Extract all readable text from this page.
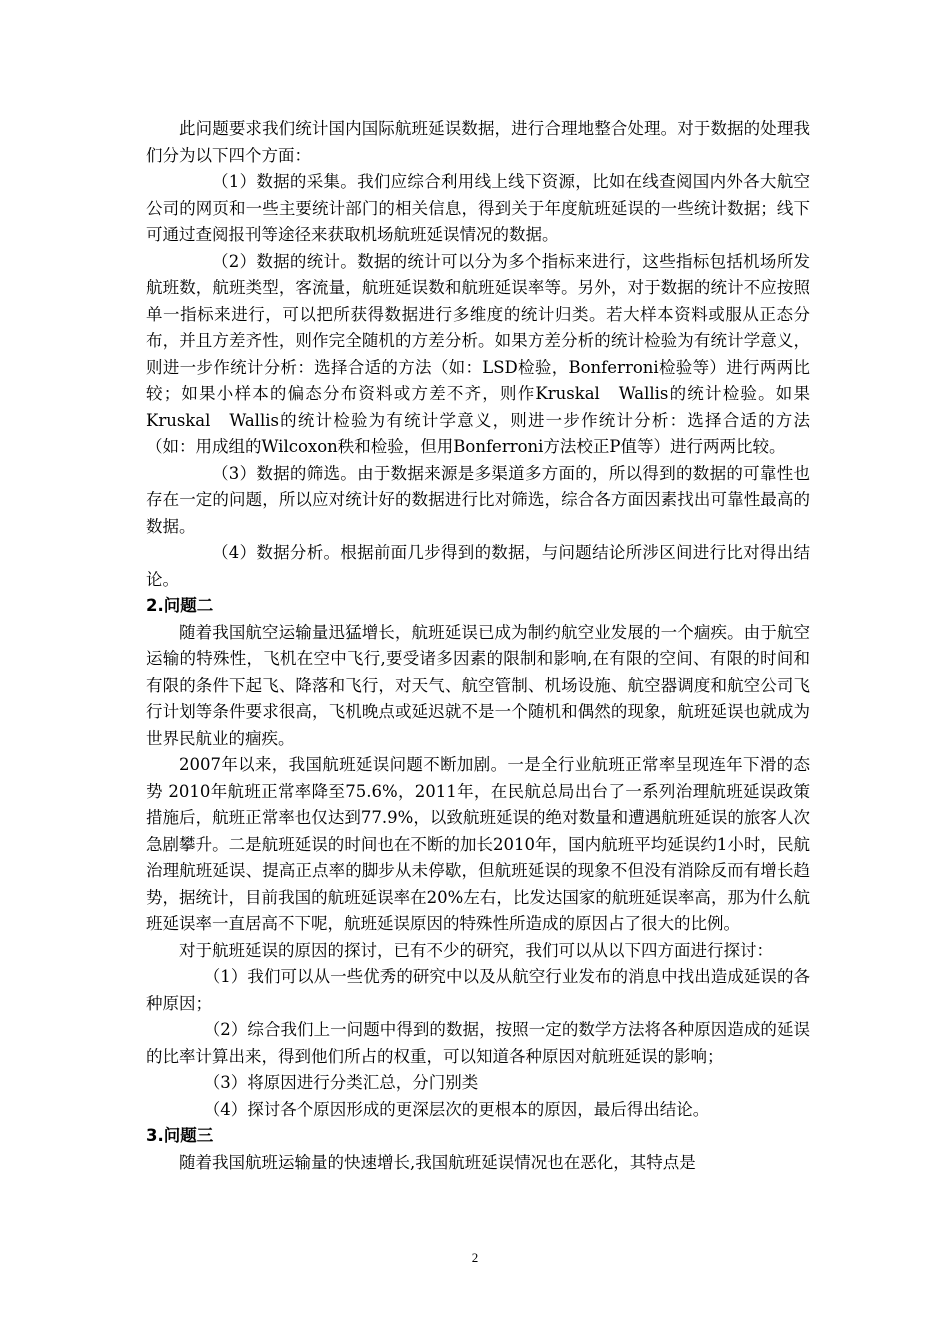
此问题要求我们统计国内国际航班延误数据，进行合理地整合处理。对于数据的处理我们分为以下四个方面：

（1）数据的采集。我们应综合利用线上线下资源，比如在线查阅国内外各大航空公司的网页和一些主要统计部门的相关信息，得到关于年度航班延误的一些统计数据；线下可通过查阅报刊等途径来获取机场航班延误情况的数据。

（2）数据的统计。数据的统计可以分为多个指标来进行，这些指标包括机场所发航班数，航班类型，客流量，航班延误数和航班延误率等。另外，对于数据的统计不应按照单一指标来进行，可以把所获得数据进行多维度的统计归类。若大样本资料或服从正态分布，并且方差齐性，则作完全随机的方差分析。如果方差分析的统计检验为有统计学意义，则进一步作统计分析：选择合适的方法（如：LSD检验，Bonferroni检验等）进行两两比较；如果小样本的偏态分布资料或方差不齐，则作Kruskal　Wallis的统计检验。如果Kruskal　Wallis的统计检验为有统计学意义，则进一步作统计分析：选择合适的方法（如：用成组的Wilcoxon秩和检验，但用Bonferroni方法校正P值等）进行两两比较。

（3）数据的筛选。由于数据来源是多渠道多方面的，所以得到的数据的可靠性也存在一定的问题，所以应对统计好的数据进行比对筛选，综合各方面因素找出可靠性最高的数据。

（4）数据分析。根据前面几步得到的数据，与问题结论所涉区间进行比对得出结论。

2.问题二

随着我国航空运输量迅猛增长，航班延误已成为制约航空业发展的一个痼疾。由于航空运输的特殊性，飞机在空中飞行,要受诸多因素的限制和影响,在有限的空间、有限的时间和有限的条件下起飞、降落和飞行，对天气、航空管制、机场设施、航空器调度和航空公司飞行计划等条件要求很高，飞机晚点或延迟就不是一个随机和偶然的现象，航班延误也就成为世界民航业的痼疾。

2007年以来，我国航班延误问题不断加剧。一是全行业航班正常率呈现连年下滑的态势 2010年航班正常率降至75.6%，2011年，在民航总局出台了一系列治理航班延误政策措施后，航班正常率也仅达到77.9%，以致航班延误的绝对数量和遭遇航班延误的旅客人次急剧攀升。二是航班延误的时间也在不断的加长2010年，国内航班平均延误约1小时，民航治理航班延误、提高正点率的脚步从未停歇，但航班延误的现象不但没有消除反而有增长趋势，据统计，目前我国的航班延误率在20%左右，比发达国家的航班延误率高，那为什么航班延误率一直居高不下呢，航班延误原因的特殊性所造成的原因占了很大的比例。

对于航班延误的原因的探讨，已有不少的研究，我们可以从以下四方面进行探讨：

（1）我们可以从一些优秀的研究中以及从航空行业发布的消息中找出造成延误的各种原因；

（2）综合我们上一问题中得到的数据，按照一定的数学方法将各种原因造成的延误的比率计算出来，得到他们所占的权重，可以知道各种原因对航班延误的影响；

（3）将原因进行分类汇总，分门别类

（4）探讨各个原因形成的更深层次的更根本的原因，最后得出结论。

3.问题三

随着我国航班运输量的快速增长,我国航班延误情况也在恶化，其特点是

2
